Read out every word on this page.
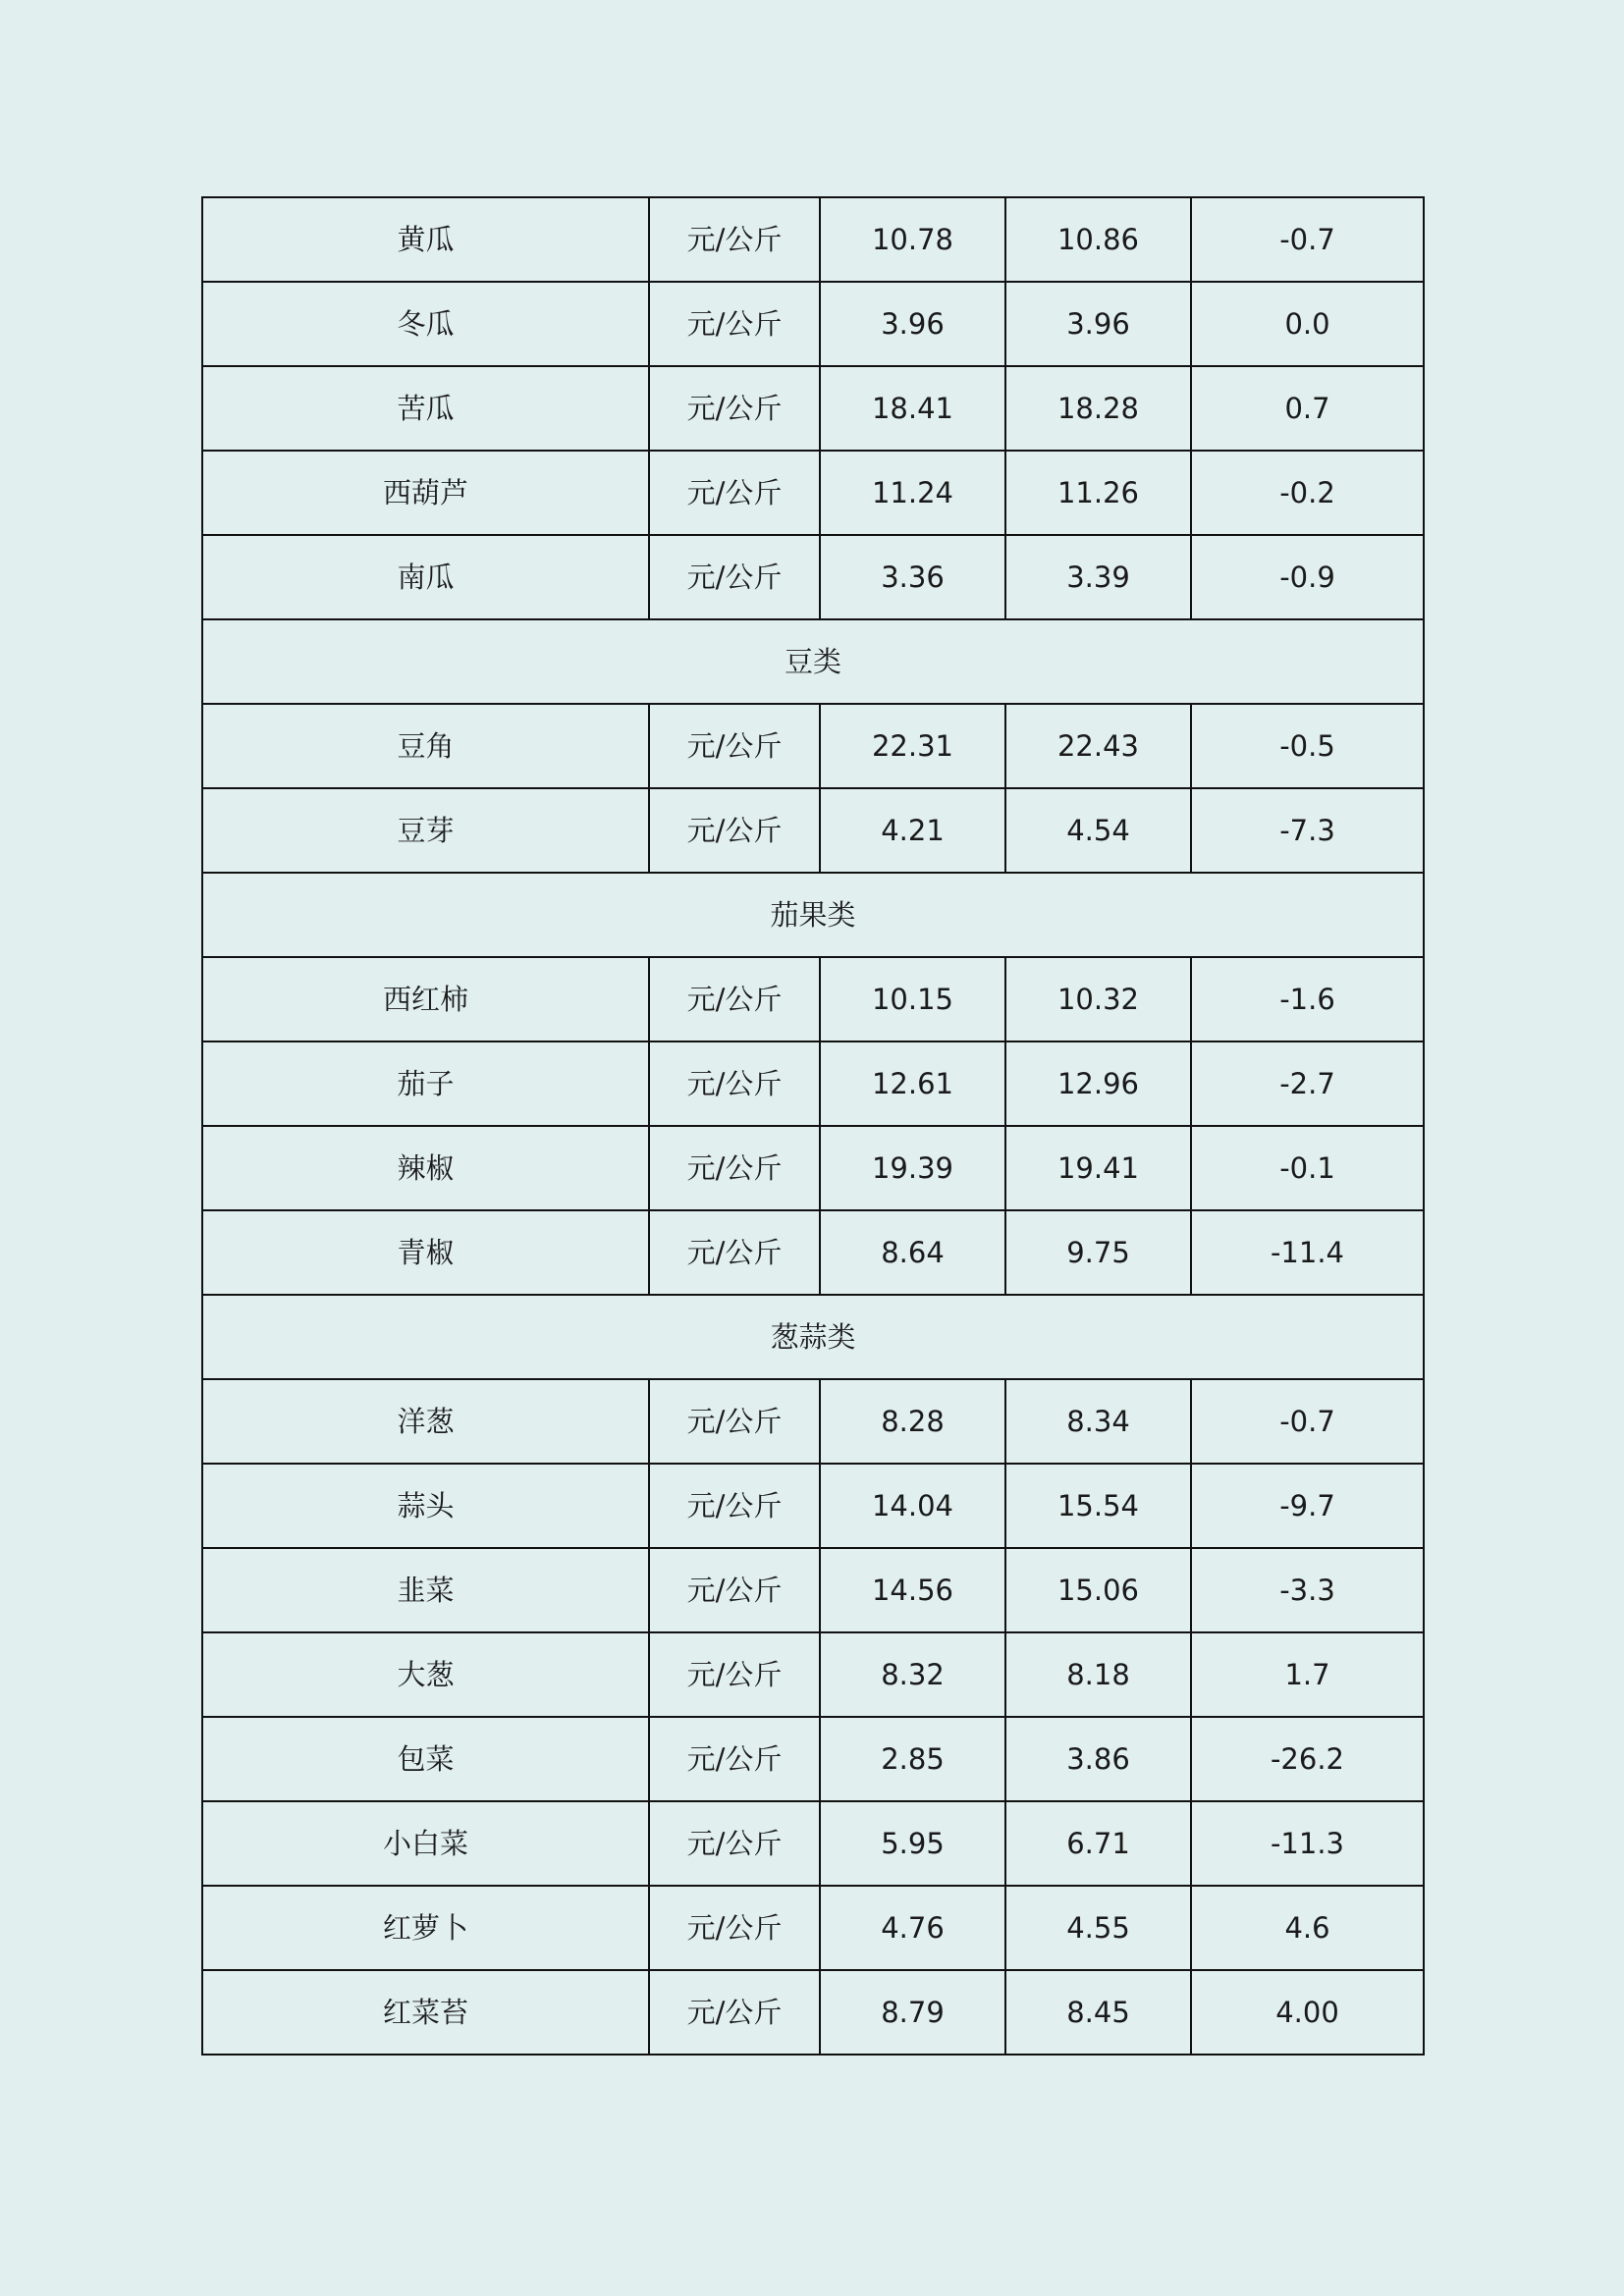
黄瓜	元/公斤	10.78	10.86	-0.7
冬瓜	元/公斤	3.96	3.96	0.0
苦瓜	元/公斤	18.41	18.28	0.7
西葫芦	元/公斤	11.24	11.26	-0.2
南瓜	元/公斤	3.36	3.39	-0.9
豆类				
豆角	元/公斤	22.31	22.43	-0.5
豆芽	元/公斤	4.21	4.54	-7.3
茄果类				
西红柿	元/公斤	10.15	10.32	-1.6
茄子	元/公斤	12.61	12.96	-2.7
辣椒	元/公斤	19.39	19.41	-0.1
青椒	元/公斤	8.64	9.75	-11.4
葱蒜类				
洋葱	元/公斤	8.28	8.34	-0.7
蒜头	元/公斤	14.04	15.54	-9.7
韭菜	元/公斤	14.56	15.06	-3.3
大葱	元/公斤	8.32	8.18	1.7
包菜	元/公斤	2.85	3.86	-26.2
小白菜	元/公斤	5.95	6.71	-11.3
红萝卜	元/公斤	4.76	4.55	4.6
红菜苔	元/公斤	8.79	8.45	4.00
